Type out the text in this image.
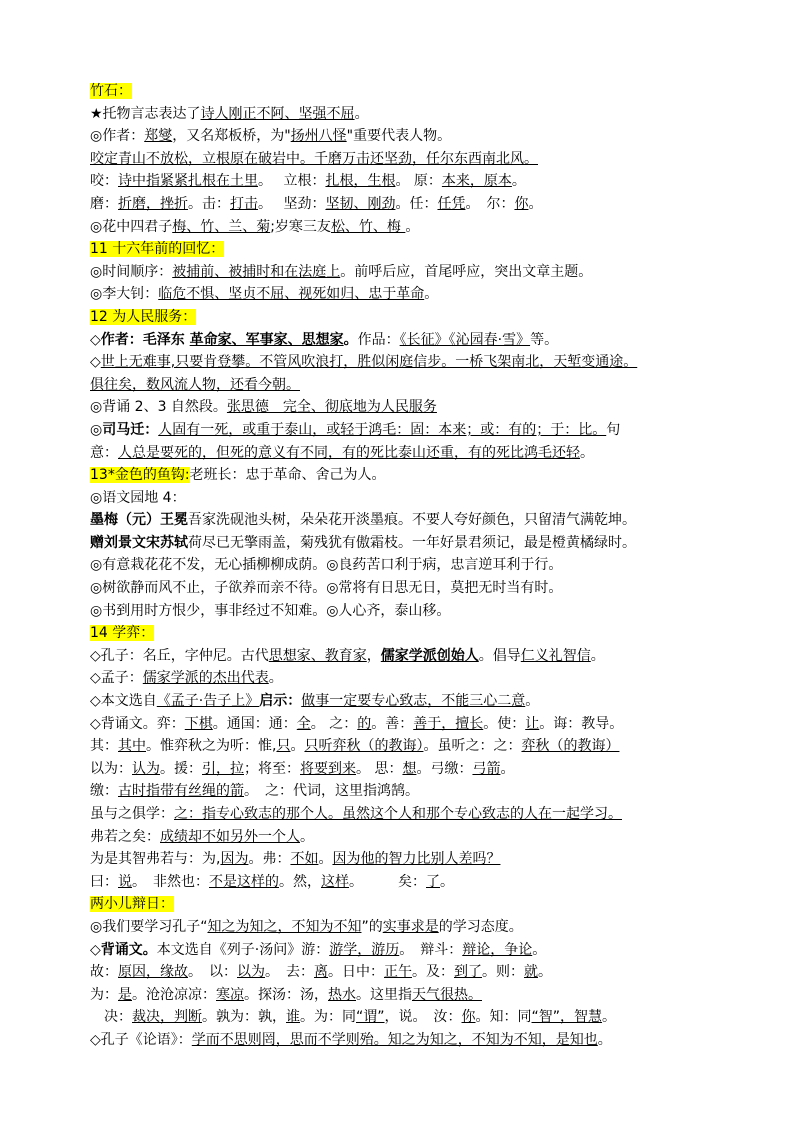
竹石：
★托物言志表达了诗人刚正不阿、坚强不屈。
◎作者：郑燮，又名郑板桥，为"扬州八怪"重要代表人物。
咬定青山不放松，立根原在破岩中。千磨万击还坚劲，任尔东西南北风。
咬：诗中指紧紧扎根在土里。　 立根：扎根，生根。 原：本来，原本。
磨：折磨，挫折。击：打击。　 坚劲：坚韧、刚劲。任：任凭。　尔：你。
◎花中四君子梅、竹、兰、菊;岁寒三友松、竹、梅 。
11 十六年前的回忆：
◎时间顺序：被捕前、被捕时和在法庭上。前呼后应，首尾呼应，突出文章主题。
◎李大钊：临危不惧、坚贞不屈、视死如归、忠于革命。
12 为人民服务：
◇作者：毛泽东 革命家、军事家、思想家。作品：《长征》《沁园春·雪》等。
◇世上无难事,只要肯登攀。不管风吹浪打，胜似闲庭信步。一桥飞架南北，天堑变通途。
俱往矣，数风流人物，还看今朝。
◎背诵 2、3 自然段。张思德　完全、彻底地为人民服务
◎司马迁：人固有一死，或重于泰山，或轻于鸿毛：固：本来；或：有的；于：比。句
意：人总是要死的，但死的意义有不同，有的死比泰山还重，有的死比鸿毛还轻。
13*金色的鱼钩:老班长：忠于革命、舍己为人。
◎语文园地 4：
墨梅（元）王冕吾家洗砚池头树，朵朵花开淡墨痕。不要人夸好颜色，只留清气满乾坤。
赠刘景文宋苏轼荷尽已无擎雨盖，菊残犹有傲霜枝。一年好景君须记，最是橙黄橘绿时。
◎有意栽花花不发，无心插柳柳成荫。◎良药苦口利于病，忠言逆耳利于行。
◎树欲静而风不止，子欲养而亲不待。◎常将有日思无日，莫把无时当有时。
◎书到用时方恨少，事非经过不知难。◎人心齐，泰山移。
14 学弈：
◇孔子：名丘，字仲尼。古代思想家、教育家，儒家学派创始人。倡导仁义礼智信。
◇孟子：儒家学派的杰出代表。
◇本文选自《孟子·告子上》启示：做事一定要专心致志，不能三心二意。
◇背诵文。弈：下棋。通国：通：全。 之：的。善：善于，擅长。使：让。诲：教导。
其：其中。惟弈秋之为听：惟,只。只听弈秋（的教诲）。虽听之：之：弈秋（的教诲）
以为：认为。援：引，拉；将至：将要到来。 思：想。弓缴：弓箭。
缴：古时指带有丝绳的箭。　之：代词，这里指鸿鹄。
虽与之俱学：之：指专心致志的那个人。虽然这个人和那个专心致志的人在一起学习。
弗若之矣：成绩却不如另外一个人。
为是其智弗若与：为,因为。弗：不如。因为他的智力比别人差吗？
曰：说。　非然也：不是这样的。然，这样。　　　矣：了。
两小儿辩日：
◎我们要学习孔子“知之为知之，不知为不知”的实事求是的学习态度。
◇背诵文。本文选自《列子·汤问》游：游学，游历。　辩斗：辩论，争论。
故：原因，缘故。　以：以为。　去：离。日中：正午。及：到了。则：就。
为：是。沧沧凉凉：寒凉。探汤：汤，热水。这里指天气很热。
　决：裁决，判断。孰为：孰，谁。为：同“谓”，说。　汝：你。知：同“智”，智慧。
◇孔子《论语》：学而不思则罔，思而不学则殆。知之为知之，不知为不知，是知也。
